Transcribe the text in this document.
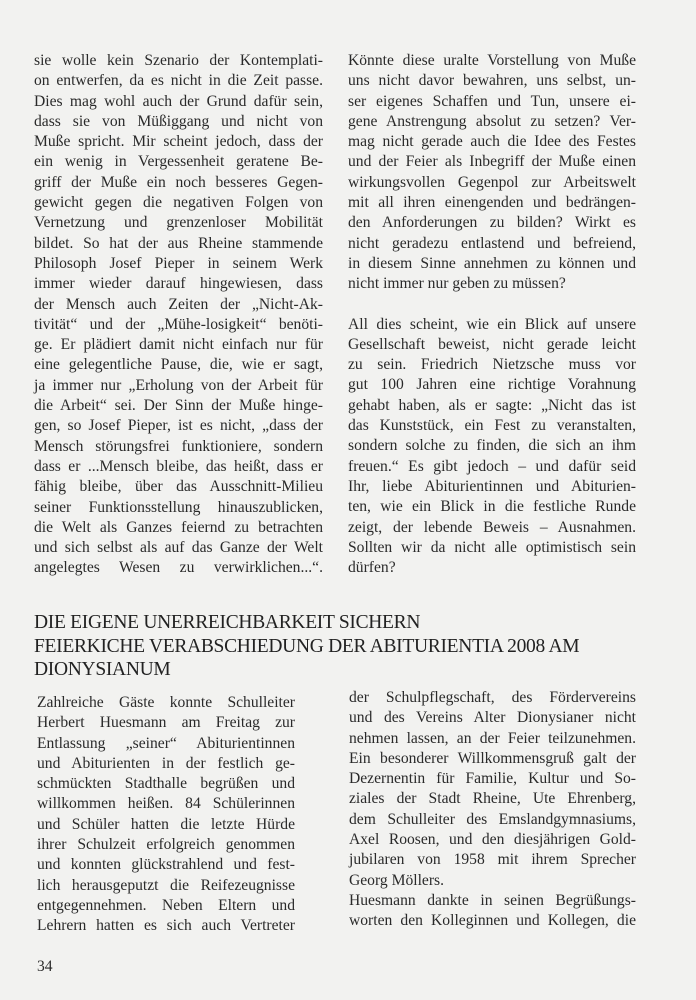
sie wolle kein Szenario der Kontemplati-
on entwerfen, da es nicht in die Zeit passe.
Dies mag wohl auch der Grund dafür sein,
dass sie von Müßiggang und nicht von
Muße spricht. Mir scheint jedoch, dass der
ein wenig in Vergessenheit geratene Be-
griff der Muße ein noch besseres Gegen-
gewicht gegen die negativen Folgen von
Vernetzung und grenzenloser Mobilität
bildet. So hat der aus Rheine stammende
Philosoph Josef Pieper in seinem Werk
immer wieder darauf hingewiesen, dass
der Mensch auch Zeiten der „Nicht-Ak-
tivität“ und der „Mühe-losigkeit“ benöti-
ge. Er plädiert damit nicht einfach nur für
eine gelegentliche Pause, die, wie er sagt,
ja immer nur „Erholung von der Arbeit für
die Arbeit“ sei. Der Sinn der Muße hinge-
gen, so Josef Pieper, ist es nicht, „dass der
Mensch störungsfrei funktioniere, sondern
dass er ...Mensch bleibe, das heißt, dass er
fähig bleibe, über das Ausschnitt-Milieu
seiner Funktionsstellung hinauszublicken,
die Welt als Ganzes feiernd zu betrachten
und sich selbst als auf das Ganze der Welt
angelegtes Wesen zu verwirklichen...“.

Könnte diese uralte Vorstellung von Muße
uns nicht davor bewahren, uns selbst, un-
ser eigenes Schaffen und Tun, unsere ei-
gene Anstrengung absolut zu setzen? Ver-
mag nicht gerade auch die Idee des Festes
und der Feier als Inbegriff der Muße einen
wirkungsvollen Gegenpol zur Arbeitswelt
mit all ihren einengenden und bedrängen-
den Anforderungen zu bilden? Wirkt es
nicht geradezu entlastend und befreiend,
in diesem Sinne annehmen zu können und
nicht immer nur geben zu müssen?

All dies scheint, wie ein Blick auf unsere
Gesellschaft beweist, nicht gerade leicht
zu sein. Friedrich Nietzsche muss vor
gut 100 Jahren eine richtige Vorahnung
gehabt haben, als er sagte: „Nicht das ist
das Kunststück, ein Fest zu veranstalten,
sondern solche zu finden, die sich an ihm
freuen.“ Es gibt jedoch – und dafür seid
Ihr, liebe Abiturientinnen und Abiturien-
ten, wie ein Blick in die festliche Runde
zeigt, der lebende Beweis – Ausnahmen.
Sollten wir da nicht alle optimistisch sein
dürfen?

DIE EIGENE UNERREICHBARKEIT SICHERN
FEIERKICHE VERABSCHIEDUNG DER ABITURIENTIA 2008 AM
DIONYSIANUM

Zahlreiche Gäste konnte Schulleiter
Herbert Huesmann am Freitag zur
Entlassung „seiner“ Abiturientinnen
und Abiturienten in der festlich ge-
schmückten Stadthalle begrüßen und
willkommen heißen. 84 Schülerinnen
und Schüler hatten die letzte Hürde
ihrer Schulzeit erfolgreich genommen
und konnten glückstrahlend und fest-
lich herausgeputzt die Reifezeugnisse
entgegennehmen. Neben Eltern und
Lehrern hatten es sich auch Vertreter

der Schulpflegschaft, des Fördervereins
und des Vereins Alter Dionysianer nicht
nehmen lassen, an der Feier teilzunehmen.
Ein besonderer Willkommensgruß galt der
Dezernentin für Familie, Kultur und So-
ziales der Stadt Rheine, Ute Ehrenberg,
dem Schulleiter des Emslandgymnasiums,
Axel Roosen, und den diesjährigen Gold-
jubilaren von 1958 mit ihrem Sprecher
Georg Möllers.

Huesmann dankte in seinen Begrüßungs-
worten den Kolleginnen und Kollegen, die

34
